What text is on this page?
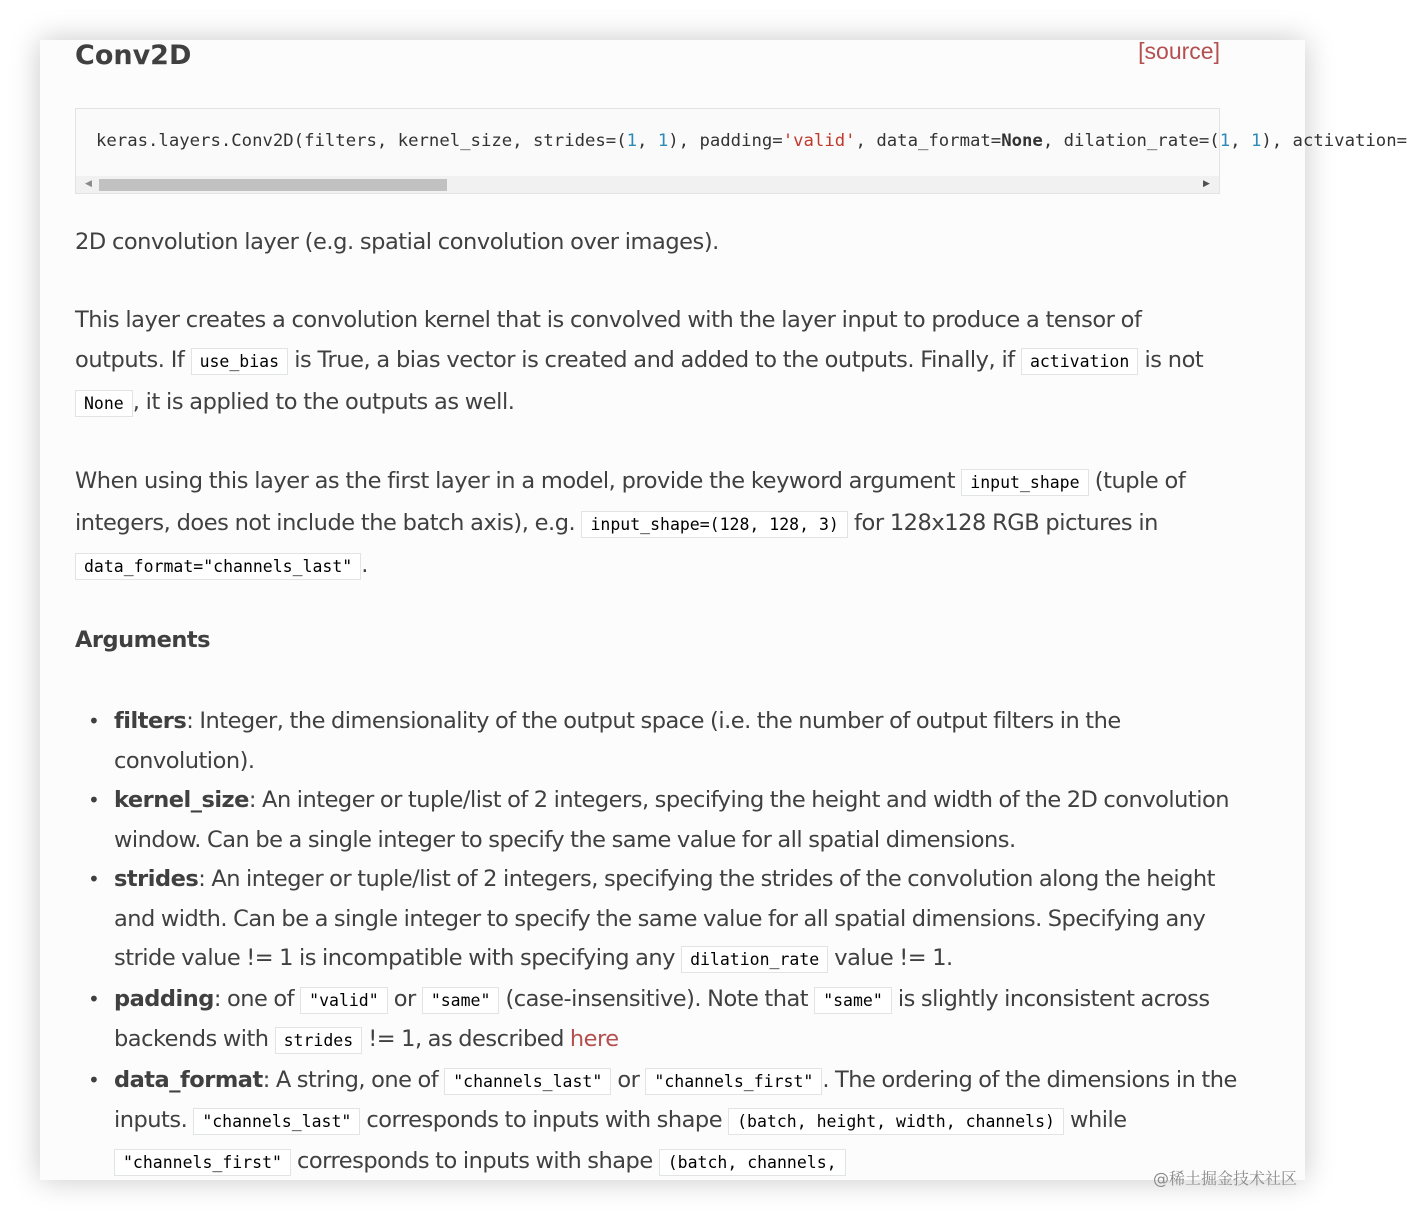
Conv2D	[source]
keras.layers.Conv2D(filters, kernel_size, strides=(1, 1), padding='valid', data_format=None, dilation_rate=(1, 1), activation=
◀	▶
2D convolution layer (e.g. spatial convolution over images).
This layer creates a convolution kernel that is convolved with the layer input to produce a tensor of outputs. If use_bias is True, a bias vector is created and added to the outputs. Finally, if activation is not None , it is applied to the outputs as well.
When using this layer as the first layer in a model, provide the keyword argument input_shape (tuple of integers, does not include the batch axis), e.g. input_shape=(128, 128, 3) for 128x128 RGB pictures in data_format="channels_last" .
Arguments
• filters: Integer, the dimensionality of the output space (i.e. the number of output filters in the convolution).
• kernel_size: An integer or tuple/list of 2 integers, specifying the height and width of the 2D convolution window. Can be a single integer to specify the same value for all spatial dimensions.
• strides: An integer or tuple/list of 2 integers, specifying the strides of the convolution along the height and width. Can be a single integer to specify the same value for all spatial dimensions. Specifying any stride value != 1 is incompatible with specifying any dilation_rate value != 1.
• padding: one of "valid" or "same" (case-insensitive). Note that "same" is slightly inconsistent across backends with strides != 1, as described here
• data_format: A string, one of "channels_last" or "channels_first" . The ordering of the dimensions in the inputs. "channels_last" corresponds to inputs with shape (batch, height, width, channels) while "channels_first" corresponds to inputs with shape (batch, channels,
@稀土掘金技术社区
